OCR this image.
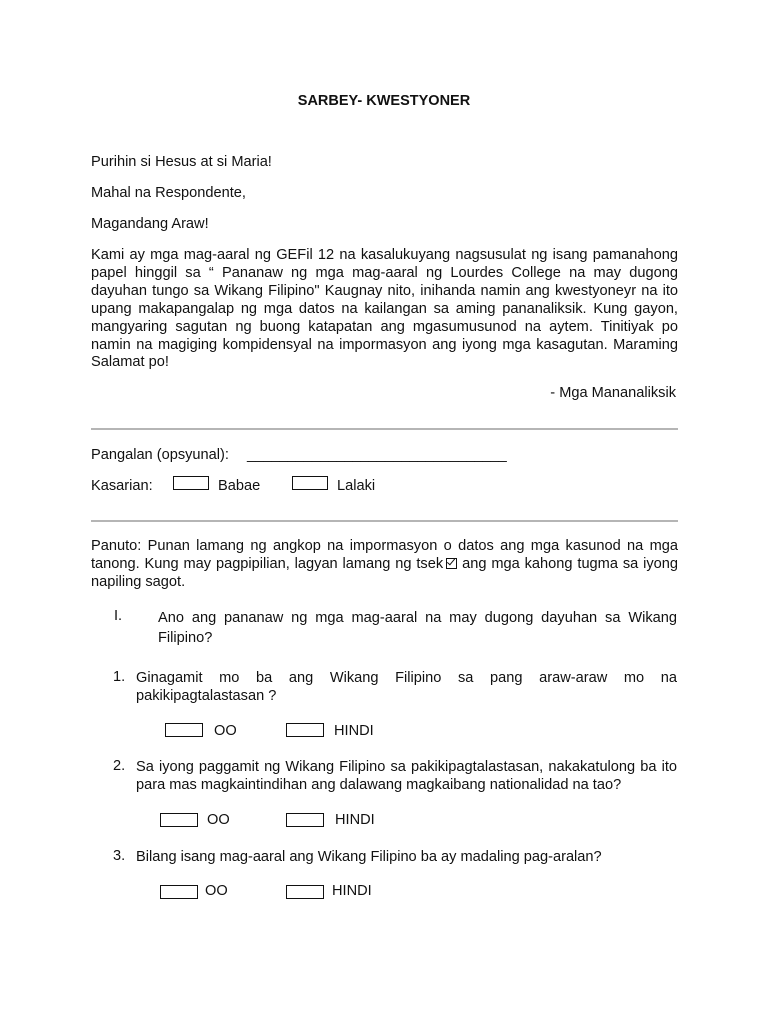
SARBEY- KWESTYONER
Purihin si Hesus at si Maria!
Mahal na Respondente,
Magandang Araw!
Kami ay mga mag-aaral ng GEFil 12 na kasalukuyang nagsusulat ng isang pamanahong papel hinggil sa “ Pananaw ng mga mag-aaral ng Lourdes College na may dugong dayuhan tungo sa Wikang Filipino" Kaugnay nito, inihanda namin ang kwestyoneyr na ito upang makapangalap ng mga datos na kailangan sa aming pananaliksik. Kung gayon, mangyaring sagutan ng buong katapatan ang mgasumusunod na aytem. Tinitiyak po namin na magiging kompidensyal na impormasyon ang iyong mga kasagutan. Maraming Salamat po!
- Mga Mananaliksik
Pangalan (opsyunal): ________________________________
Kasarian:	Babae	Lalaki
Panuto: Punan lamang ng angkop na impormasyon o datos ang mga kasunod na mga tanong. Kung may pagpipilian, lagyan lamang ng tsek ang mga kahong tugma sa iyong napiling sagot.
I. Ano ang pananaw ng mga mag-aaral na may dugong dayuhan sa Wikang Filipino?
1. Ginagamit mo ba ang Wikang Filipino sa pang araw-araw mo na pakikipagtalastasan ?
OO	HINDI
2. Sa iyong paggamit ng Wikang Filipino sa pakikipagtalastasan, nakakatulong ba ito para mas magkaintindihan ang dalawang magkaibang nationalidad na tao?
OO	HINDI
3. Bilang isang mag-aaral ang Wikang Filipino ba ay madaling pag-aralan?
OO	HINDI
